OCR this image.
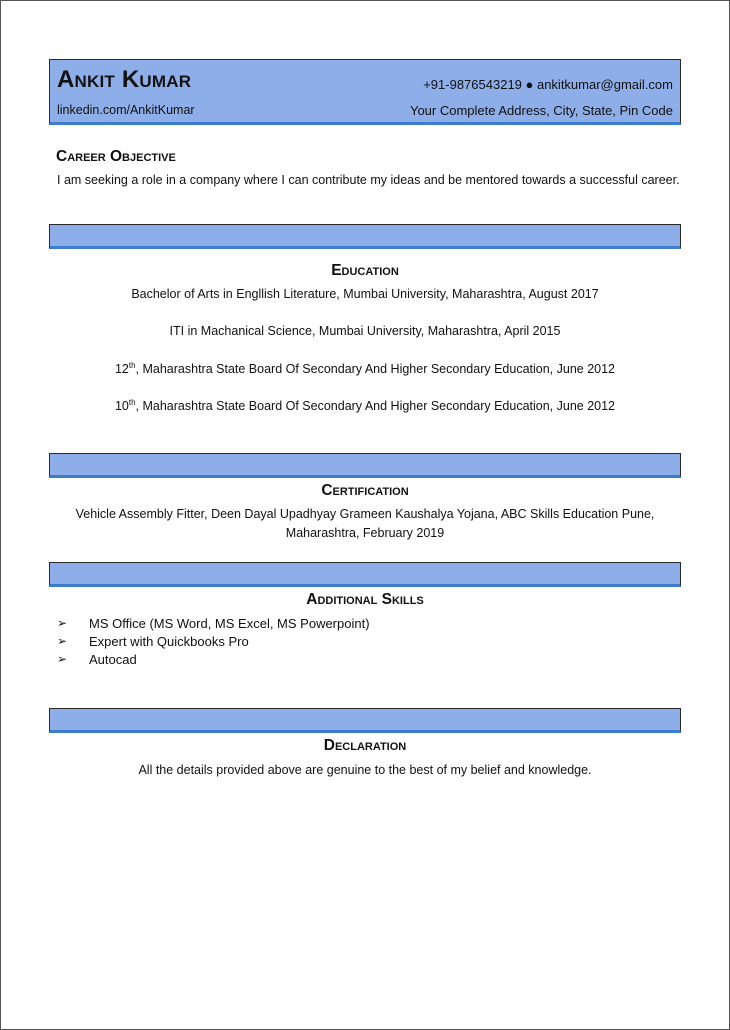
Ankit Kumar	+91-9876543219 ● ankitkumar@gmail.com
linkedin.com/AnkitKumar	Your Complete Address, City, State, Pin Code
Career Objective
I am seeking a role in a company where I can contribute my ideas and be mentored towards a successful career.
Education
Bachelor of Arts in Engllish Literature, Mumbai University, Maharashtra, August 2017
ITI in Machanical Science, Mumbai University, Maharashtra, April 2015
12th, Maharashtra State Board Of Secondary And Higher Secondary Education, June 2012
10th, Maharashtra State Board Of Secondary And Higher Secondary Education, June 2012
Certification
Vehicle Assembly Fitter, Deen Dayal Upadhyay Grameen Kaushalya Yojana, ABC Skills Education Pune,
Maharashtra, February 2019
Additional Skills
➢ MS Office (MS Word, MS Excel, MS Powerpoint)
➢ Expert with Quickbooks Pro
➢ Autocad
Declaration
All the details provided above are genuine to the best of my belief and knowledge.
